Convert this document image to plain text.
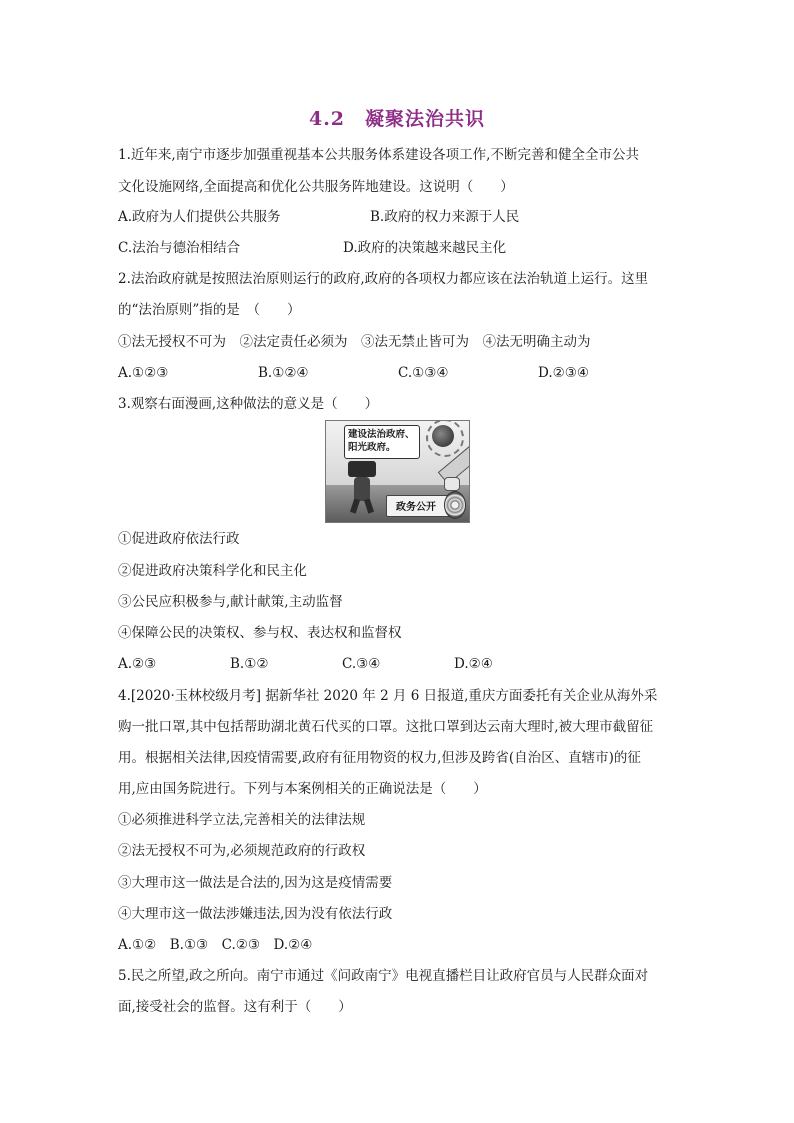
4.2　凝聚法治共识

1.近年来,南宁市逐步加强重视基本公共服务体系建设各项工作,不断完善和健全全市公共

文化设施网络,全面提高和优化公共服务阵地建设。这说明（　　）

A.政府为人们提供公共服务	B.政府的权力来源于人民

C.法治与德治相结合	D.政府的决策越来越民主化

2.法治政府就是按照法治原则运行的政府,政府的各项权力都应该在法治轨道上运行。这里

的“法治原则”指的是　（　　）

①法无授权不可为　②法定责任必须为　③法无禁止皆可为　④法无明确主动为

A.①②③	B.①②④	C.①③④	D.②③④

3.观察右面漫画,这种做法的意义是（　　）

建设法治政府、阳光政府。
政务公开

①促进政府依法行政

②促进政府决策科学化和民主化

③公民应积极参与,献计献策,主动监督

④保障公民的决策权、参与权、表达权和监督权

A.②③	B.①②	C.③④	D.②④

4.[2020·玉林校级月考] 据新华社 2020 年 2 月 6 日报道,重庆方面委托有关企业从海外采

购一批口罩,其中包括帮助湖北黄石代买的口罩。这批口罩到达云南大理时,被大理市截留征

用。根据相关法律,因疫情需要,政府有征用物资的权力,但涉及跨省(自治区、直辖市)的征

用,应由国务院进行。下列与本案例相关的正确说法是（　　）

①必须推进科学立法,完善相关的法律法规

②法无授权不可为,必须规范政府的行政权

③大理市这一做法是合法的,因为这是疫情需要

④大理市这一做法涉嫌违法,因为没有依法行政

A.①②　B.①③　C.②③　D.②④

5.民之所望,政之所向。南宁市通过《问政南宁》电视直播栏目让政府官员与人民群众面对

面,接受社会的监督。这有利于（　　）
